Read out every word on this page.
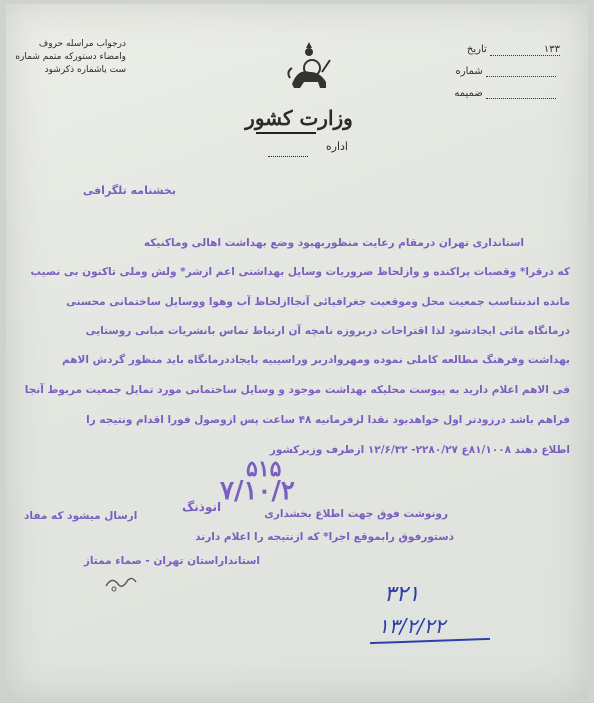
درجواب مراسله حروف
وامضاء دستورکه متمم شماره
ست یاشماره ذکرشود
وزارت کشور
اداره
۱۳۳ تاریخ
شماره
ضمیمه
بخشنامه تلگرافی
استانداری تهران درمقام رعایت منظوربهبود وضع بهداشت اهالی وماکنیکه
که درقرا* وقصبات پراکنده و وازلحاظ ضروریات وسایل بهداشتی اعم ازشر* ولش وملی تاکنون بی نصیب
مانده اندبتناسب جمعیت محل وموقعیت جغرافیائی آنجاازلحاظ آب وهوا ووسایل ساختمانی محسنی
درمانگاه مائی ایجادشود لذا اقتراحات دربروزه نامچه آن ارتباط تماس بانشریات مبانی روستایی
بهداشت وفرهنگ مطالعه کاملی نموده ومهروادربر وراسیبیه بایجاددرمانگاه باید منظور گردش الاهم
فی الاهم اعلام دارید به پیوست محلیکه بهداشت موجود و وسایل ساختمانی مورد تمایل جمعیت مربوط آنجا
فراهم باشد درزودتر اول خواهدبود نقدا لزفرمانیه ۴۸ ساعت پس ازوصول فورا اقدام ونتیجه را
اطلاع دهند ۸۱/۱۰۰۸ع ۲۲۸۰/۲۷- ۱۲/۶/۳۲ ازطرف وزیرکشور
۵۱۵
۷/۱۰/۲
ارسال میشود که مفاد
انوذنگ	رونوشت فوق جهت اطلاع بخشداری
دستورفوق رابموقع اجرا* که ازنتیجه را اعلام دارند
استانداراستان تهران - صماء ممتاز
۳۲۱
۱۳/۲/۲۲
